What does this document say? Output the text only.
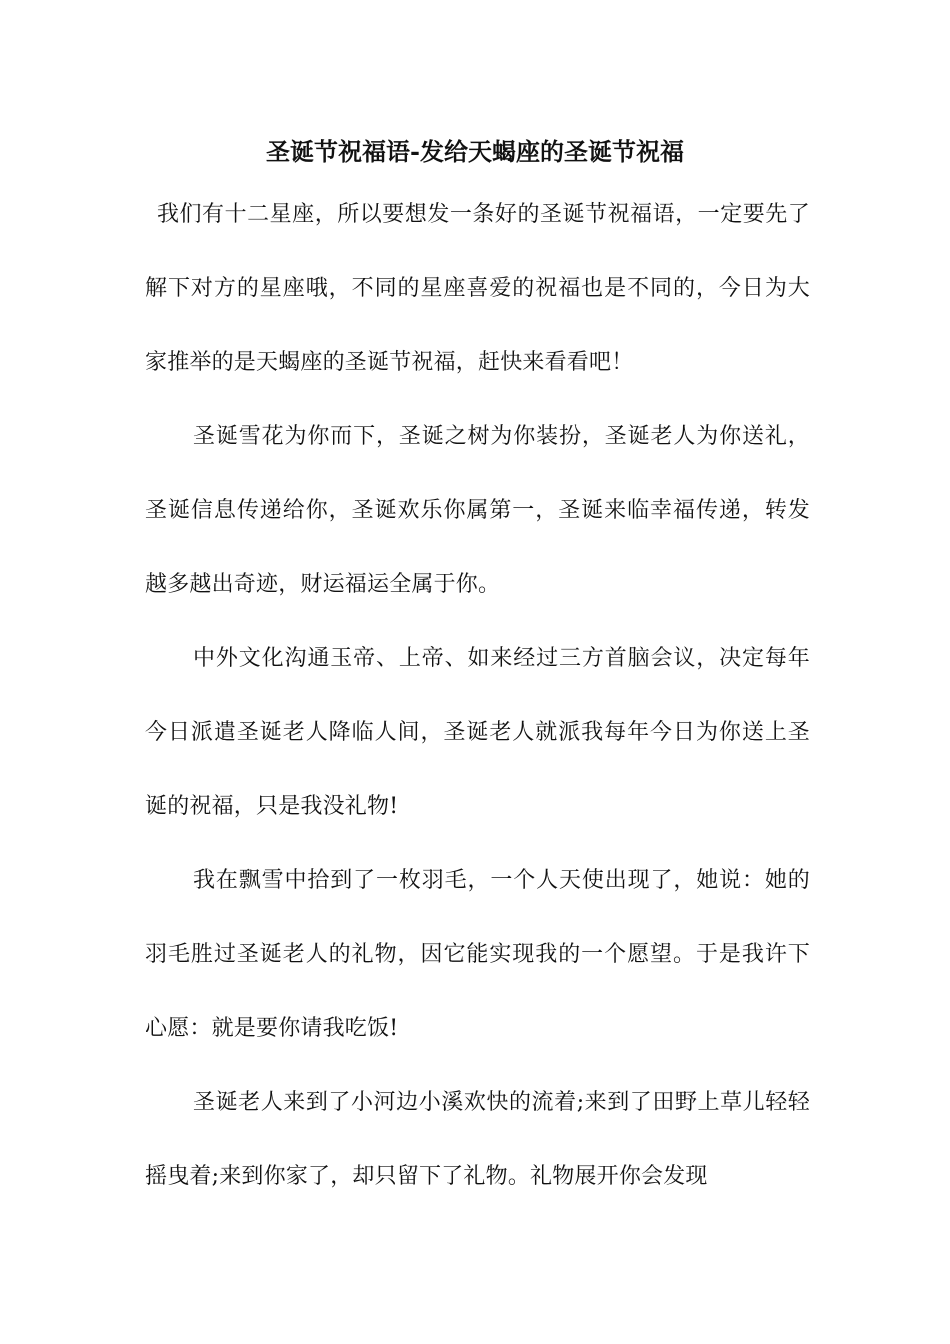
圣诞节祝福语-发给天蝎座的圣诞节祝福

我们有十二星座，所以要想发一条好的圣诞节祝福语，一定要先了解下对方的星座哦，不同的星座喜爱的祝福也是不同的，今日为大家推举的是天蝎座的圣诞节祝福，赶快来看看吧！

圣诞雪花为你而下，圣诞之树为你装扮，圣诞老人为你送礼，圣诞信息传递给你，圣诞欢乐你属第一，圣诞来临幸福传递，转发越多越出奇迹，财运福运全属于你。

中外文化沟通玉帝、上帝、如来经过三方首脑会议，决定每年今日派遣圣诞老人降临人间，圣诞老人就派我每年今日为你送上圣诞的祝福，只是我没礼物!

我在飘雪中拾到了一枚羽毛，一个人天使出现了，她说：她的羽毛胜过圣诞老人的礼物，因它能实现我的一个愿望。于是我许下心愿：就是要你请我吃饭!

圣诞老人来到了小河边小溪欢快的流着;来到了田野上草儿轻轻摇曳着;来到你家了，却只留下了礼物。礼物展开你会发现
